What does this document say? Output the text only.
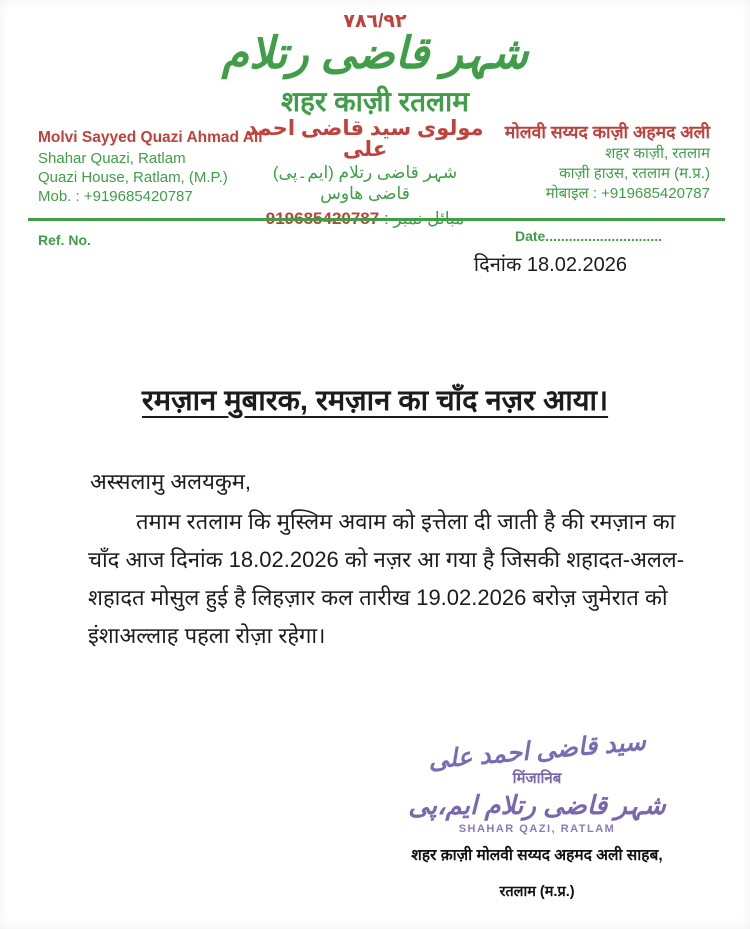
٧٨٦/٩٢
شہر قاضی رتلام
शहर काज़ी रतलाम
Molvi Sayyed Quazi Ahmad Ali
Shahar Quazi, Ratlam
Quazi House, Ratlam, (M.P.)
Mob. : +919685420787
مولوی سید قاضی احمد علی
شہر قاضی رتلام (ایم۔پی)
قاضی ھاوس
مبائل نمبر : 919685420787
मोलवी सय्यद काज़ी अहमद अली
शहर काज़ी, रतलाम
काज़ी हाउस, रतलाम (म.प्र.)
मोबाइल : +919685420787
Ref. No.	Date..............................
दिनांक 18.02.2026
रमज़ान मुबारक, रमज़ान का चाँद नज़र आया।
अस्सलामु अलयकुम,
तमाम रतलाम कि मुस्लिम अवाम को इत्तेला दी जाती है की रमज़ान का चाँद आज दिनांक 18.02.2026 को नज़र आ गया है जिसकी शहादत-अलल-शहादत मोसुल हुई है लिहज़ार कल तारीख 19.02.2026 बरोज़ जुमेरात को इंशाअल्लाह पहला रोज़ा रहेगा।
سید قاضی احمد علی
मिंजानिब
شہر قاضی رتلام ایم،پی
SHAHAR QAZI, RATLAM
शहर क़ाज़ी मोलवी सय्यद अहमद अली साहब,
रतलाम (म.प्र.)
